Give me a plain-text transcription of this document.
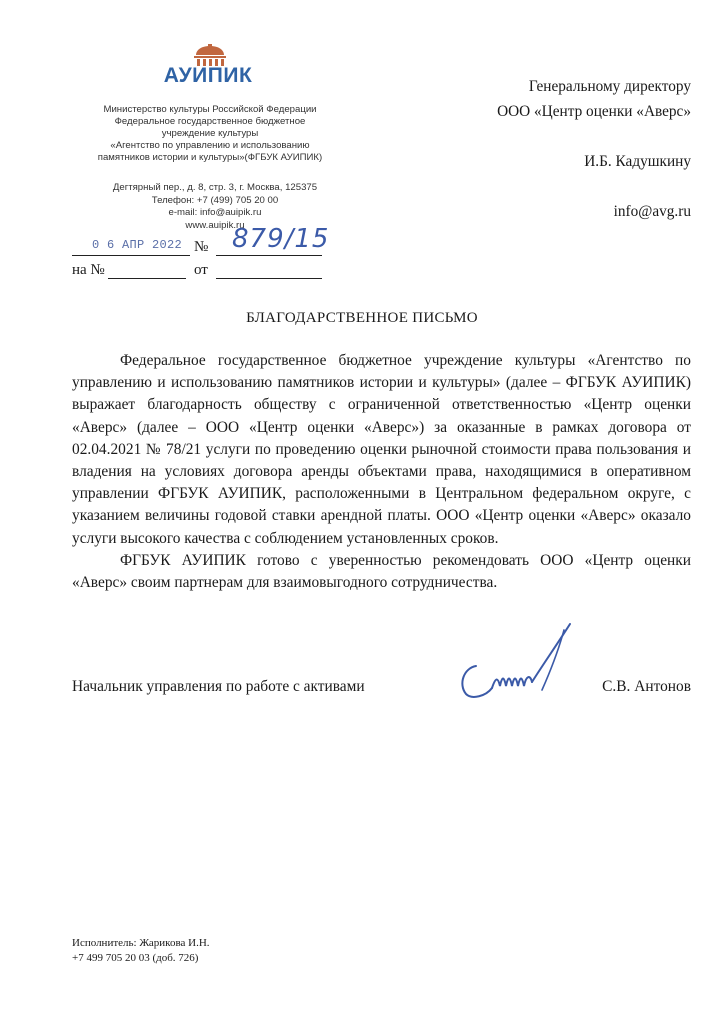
АУИПИК
Министерство культуры Российской Федерации
Федеральное государственное бюджетное
учреждение культуры
«Агентство по управлению и использованию
памятников истории и культуры»(ФГБУК АУИПИК)
Дегтярный пер., д. 8, стр. 3, г. Москва, 125375
Телефон: +7 (499) 705 20 00
e-mail: info@auipik.ru
www.auipik.ru
0 6 АПР 2022 № 879/15
на №	от
Генеральному директору
ООО «Центр оценки «Аверс»
И.Б. Кадушкину
info@avg.ru
БЛАГОДАРСТВЕННОЕ ПИСЬМО

Федеральное государственное бюджетное учреждение культуры «Агентство по управлению и использованию памятников истории и культуры» (далее – ФГБУК АУИПИК) выражает благодарность обществу с ограниченной ответственностью «Центр оценки «Аверс» (далее – ООО «Центр оценки «Аверс») за оказанные в рамках договора от 02.04.2021 № 78/21 услуги по проведению оценки рыночной стоимости права пользования и владения на условиях договора аренды объектами права, находящимися в оперативном управлении ФГБУК АУИПИК, расположенными в Центральном федеральном округе, с указанием величины годовой ставки арендной платы. ООО «Центр оценки «Аверс» оказало услуги высокого качества с соблюдением установленных сроков.

ФГБУК АУИПИК готово с уверенностью рекомендовать ООО «Центр оценки «Аверс» своим партнерам для взаимовыгодного сотрудничества.

Начальник управления по работе с активами	С.В. Антонов
Исполнитель: Жарикова И.Н.
+7 499 705 20 03 (доб. 726)
